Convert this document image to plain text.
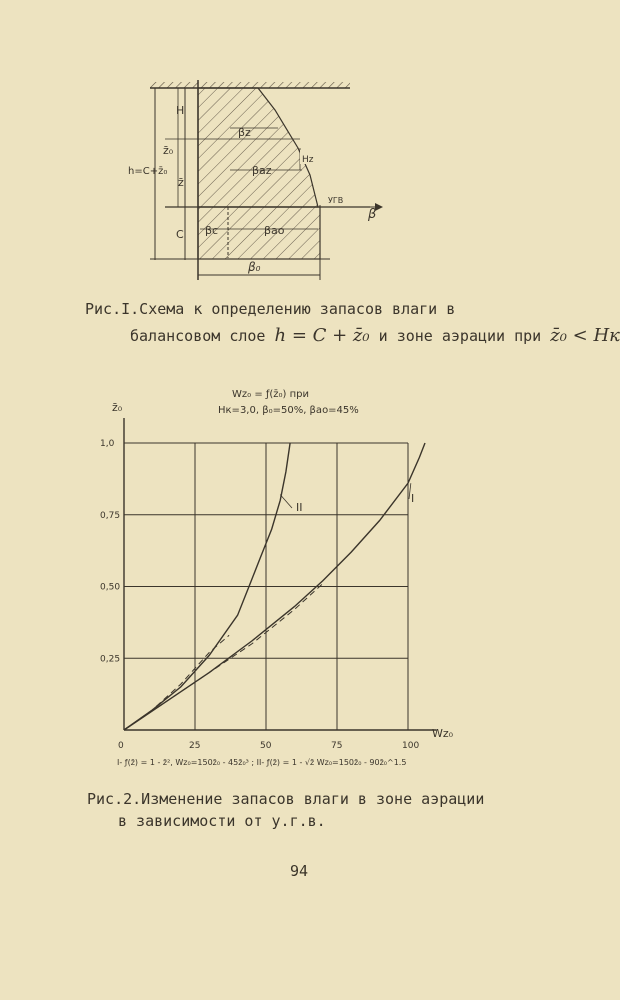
H
z̄₀
z̄
h=C+z̄₀
C
βz
βaz
Hz
УГВ
β
βc	βao
β₀
Рис.I.Схема к определению запасов влаги в
балансовом слое h = C + z̄₀ и зоне аэрации при z̄₀ < Hк
Wz₀ = ƒ(z̄₀) при
Hк=3,0, β₀=50%, βао=45%
z̄₀
Wz₀
0	25	50	75	100
0,25
0,50
0,75
1,0
II
I
I- ƒ(z̄) = 1 - z̄², Wz₀=150z̄₀ - 45z̄₀³ ; II- ƒ(z̄) = 1 - √z̄ Wz₀=150z̄₀ - 90z̄₀^1.5
Рис.2.Изменение запасов влаги в зоне аэрации
в зависимости от у.г.в.
94
